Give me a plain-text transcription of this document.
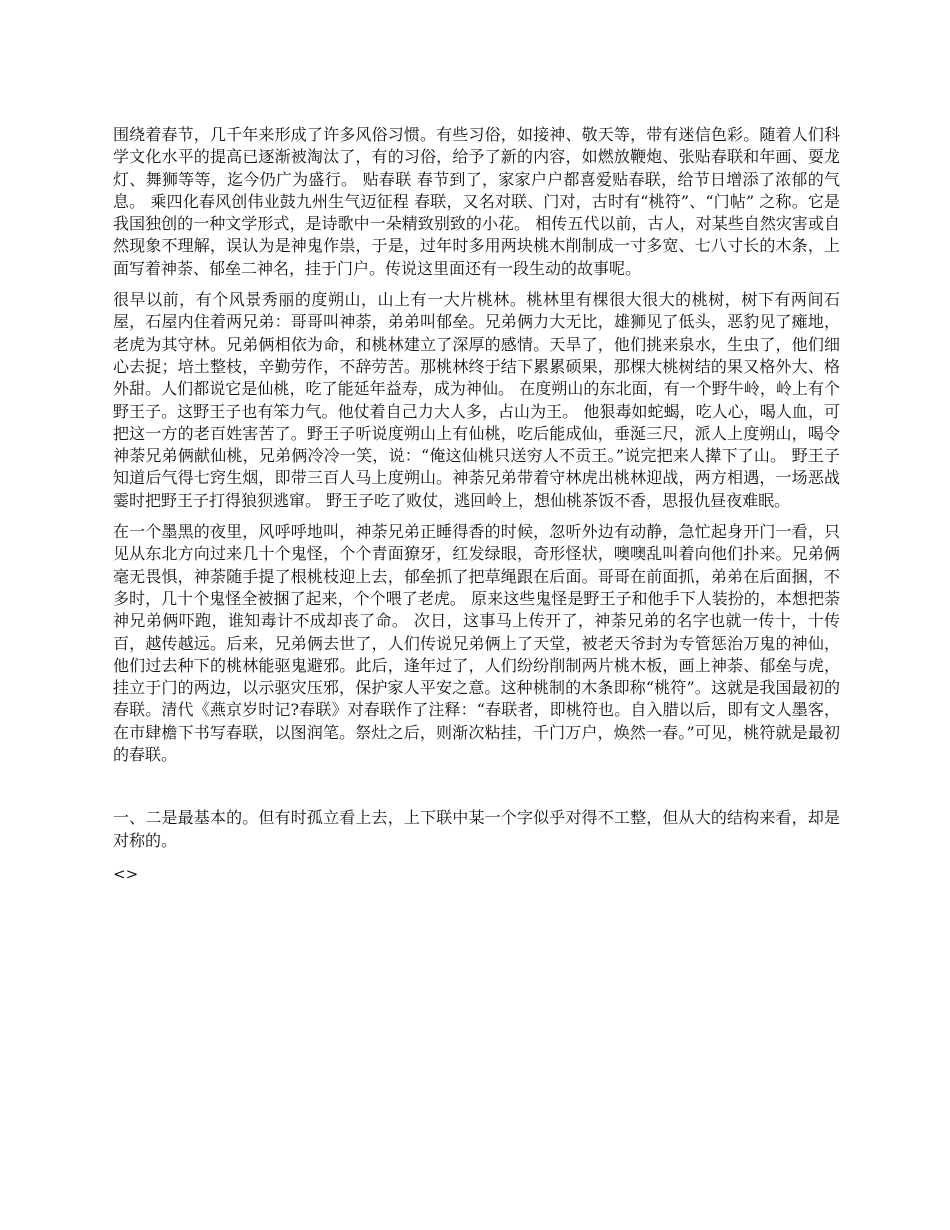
围绕着春节，几千年来形成了许多风俗习惯。有些习俗，如接神、敬天等，带有迷信色彩。随着人们科学文化水平的提高已逐渐被淘汰了，有的习俗，给予了新的内容，如燃放鞭炮、张贴春联和年画、耍龙灯、舞狮等等，迄今仍广为盛行。 贴春联 春节到了，家家户户都喜爱贴春联，给节日增添了浓郁的气息。 乘四化春风创伟业鼓九州生气迈征程 春联，又名对联、门对，古时有“桃符”、“门帖” 之称。它是我国独创的一种文学形式，是诗歌中一朵精致别致的小花。 相传五代以前，古人，对某些自然灾害或自然现象不理解，误认为是神鬼作祟，于是，过年时多用两块桃木削制成一寸多宽、七八寸长的木条，上面写着神荼、郁垒二神名，挂于门户。传说这里面还有一段生动的故事呢。

很早以前，有个风景秀丽的度朔山，山上有一大片桃林。桃林里有棵很大很大的桃树，树下有两间石屋，石屋内住着两兄弟：哥哥叫神荼，弟弟叫郁垒。兄弟俩力大无比，雄狮见了低头，恶豹见了瘫地，老虎为其守林。兄弟俩相依为命，和桃林建立了深厚的感情。天旱了，他们挑来泉水，生虫了，他们细心去捉；培土整枝，辛勤劳作，不辞劳苦。那桃林终于结下累累硕果，那棵大桃树结的果又格外大、格外甜。人们都说它是仙桃，吃了能延年益寿，成为神仙。 在度朔山的东北面，有一个野牛岭，岭上有个野王子。这野王子也有笨力气。他仗着自己力大人多，占山为王。 他狠毒如蛇蝎，吃人心，喝人血，可把这一方的老百姓害苦了。野王子听说度朔山上有仙桃，吃后能成仙，垂涎三尺，派人上度朔山，喝令神荼兄弟俩献仙桃，兄弟俩冷冷一笑，说：“俺这仙桃只送穷人不贡王。”说完把来人撵下了山。 野王子知道后气得七窍生烟，即带三百人马上度朔山。神荼兄弟带着守林虎出桃林迎战，两方相遇，一场恶战霎时把野王子打得狼狈逃窜。 野王子吃了败仗，逃回岭上，想仙桃茶饭不香，思报仇昼夜难眠。

在一个墨黑的夜里，风呼呼地叫，神荼兄弟正睡得香的时候，忽听外边有动静，急忙起身开门一看，只见从东北方向过来几十个鬼怪，个个青面獠牙，红发绿眼，奇形怪状，噢噢乱叫着向他们扑来。兄弟俩毫无畏惧，神荼随手提了根桃枝迎上去，郁垒抓了把草绳跟在后面。哥哥在前面抓，弟弟在后面捆，不多时，几十个鬼怪全被捆了起来，个个喂了老虎。 原来这些鬼怪是野王子和他手下人装扮的，本想把荼神兄弟俩吓跑，谁知毒计不成却丧了命。 次日，这事马上传开了，神荼兄弟的名字也就一传十，十传百，越传越远。后来，兄弟俩去世了，人们传说兄弟俩上了天堂，被老天爷封为专管惩治万鬼的神仙，他们过去种下的桃林能驱鬼避邪。此后，逢年过了，人们纷纷削制两片桃木板，画上神荼、郁垒与虎，挂立于门的两边，以示驱灾压邪，保护家人平安之意。这种桃制的木条即称“桃符”。这就是我国最初的春联。清代《燕京岁时记?春联》对春联作了注释：“春联者，即桃符也。自入腊以后，即有文人墨客，在市肆檐下书写春联，以图润笔。祭灶之后，则渐次粘挂，千门万户，焕然一春。”可见，桃符就是最初的春联。

一、二是最基本的。但有时孤立看上去，上下联中某一个字似乎对得不工整，但从大的结构来看，却是对称的。

<>
